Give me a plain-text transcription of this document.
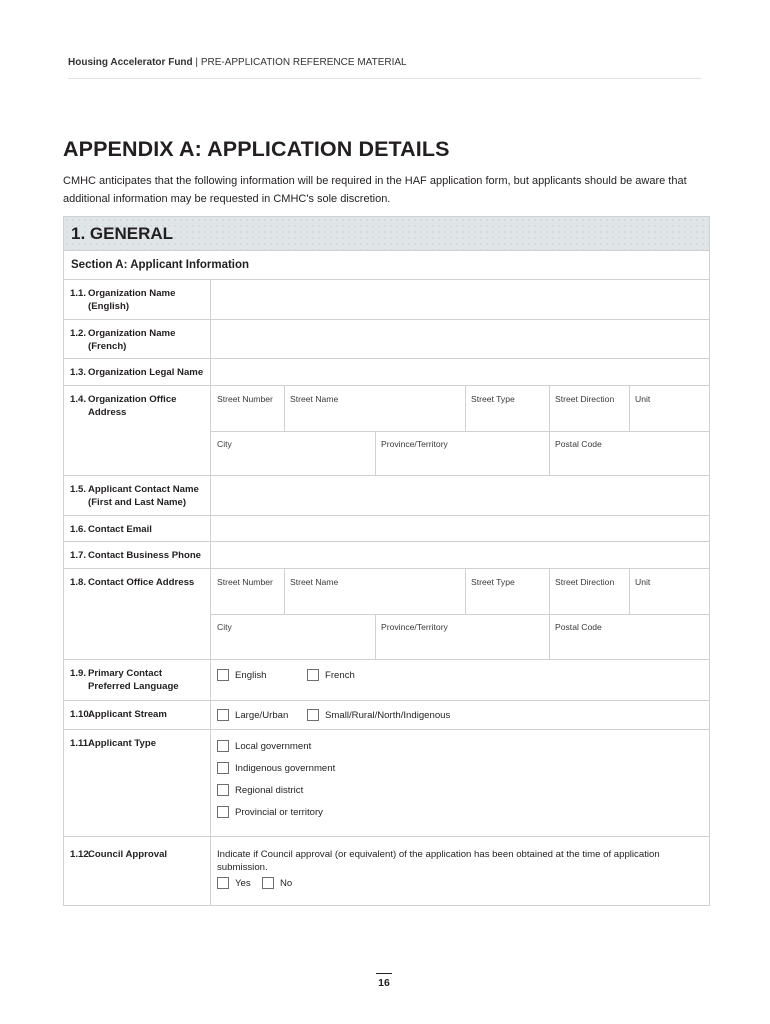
Housing Accelerator Fund | PRE-APPLICATION REFERENCE MATERIAL
APPENDIX A: APPLICATION DETAILS
CMHC anticipates that the following information will be required in the HAF application form, but applicants should be aware that additional information may be requested in CMHC's sole discretion.
1. GENERAL
Section A: Applicant Information
1.1. Organization Name (English)
1.2. Organization Name (French)
1.3. Organization Legal Name
1.4. Organization Office Address
Street Number	Street Name	Street Type	Street Direction	Unit
City	Province/Territory	Postal Code
1.5. Applicant Contact Name (First and Last Name)
1.6. Contact Email
1.7. Contact Business Phone
1.8. Contact Office Address	Street Number	Street Name	Street Type	Street Direction	Unit
City	Province/Territory	Postal Code
1.9. Primary Contact Preferred Language
English	French
1.10.
Applicant Stream	Large/Urban	Small/Rural/North/Indigenous
1.11.
Applicant Type	Local government
Indigenous government
Regional district
Provincial or territory
1.12.
Council Approval	Indicate if Council approval (or equivalent) of the application has been obtained at the time of application submission.
Yes	No
16
